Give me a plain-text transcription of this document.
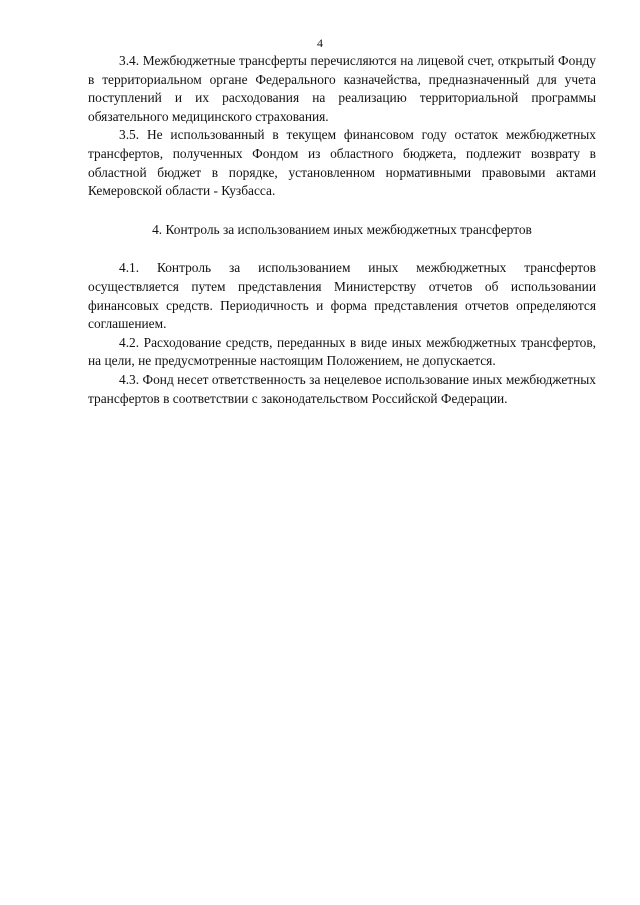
4

3.4. Межбюджетные трансферты перечисляются на лицевой счет, открытый Фонду в территориальном органе Федерального казначейства, предназначенный для учета поступлений и их расходования на реализацию территориальной программы обязательного медицинского страхования.

3.5. Не использованный в текущем финансовом году остаток межбюджетных трансфертов, полученных Фондом из областного бюджета, подлежит возврату в областной бюджет в порядке, установленном нормативными правовыми актами Кемеровской области - Кузбасса.

4. Контроль за использованием иных межбюджетных трансфертов

4.1. Контроль за использованием иных межбюджетных трансфертов осуществляется путем представления Министерству отчетов об использовании финансовых средств. Периодичность и форма представления отчетов определяются соглашением.

4.2. Расходование средств, переданных в виде иных межбюджетных трансфертов, на цели, не предусмотренные настоящим Положением, не допускается.

4.3. Фонд несет ответственность за нецелевое использование иных межбюджетных трансфертов в соответствии с законодательством Российской Федерации.
